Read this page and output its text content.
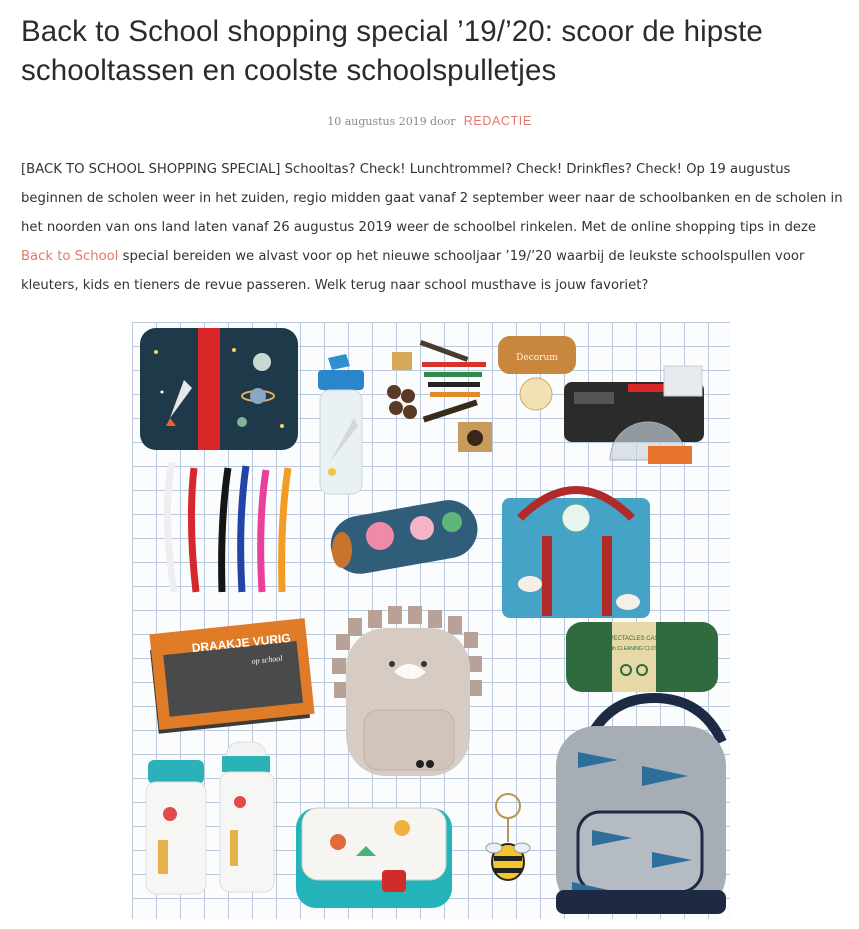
Back to School shopping special ’19/’20: scoor de hipste schooltassen en coolste schoolspulletjes
10 augustus 2019 door REDACTIE

[BACK TO SCHOOL SHOPPING SPECIAL] Schooltas? Check! Lunchtrommel? Check! Drinkfles? Check! Op 19 augustus beginnen de scholen weer in het zuiden, regio midden gaat vanaf 2 september weer naar de schoolbanken en de scholen in het noorden van ons land laten vanaf 26 augustus 2019 weer de schoolbel rinkelen. Met de online shopping tips in deze Back to School special bereiden we alvast voor op het nieuwe schooljaar ’19/’20 waarbij de leukste schoolspullen voor kleuters, kids en tieners de revue passeren. Welk terug naar school musthave is jouw favoriet?

Decorum
DRAAKJE VURIG
op school
SPECTACLES CASE
with CLEANING CLOTH
